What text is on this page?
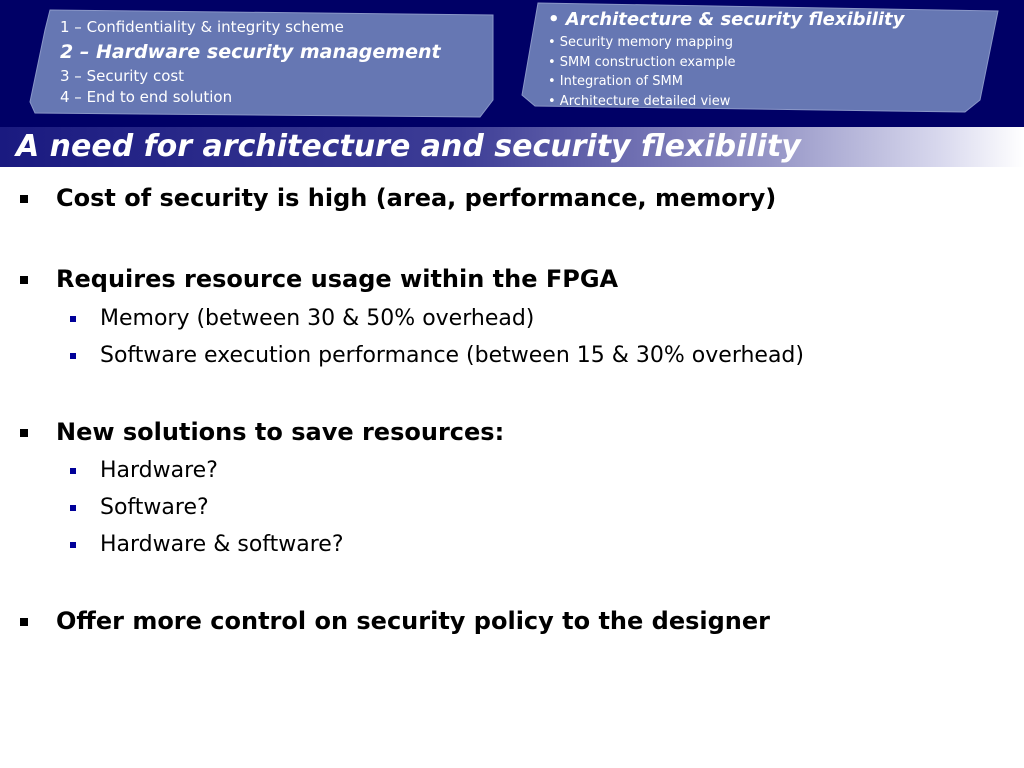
1 – Confidentiality & integrity scheme
2 – Hardware security management
3 – Security cost
4 – End to end solution
• Architecture & security flexibility
• Security memory mapping
• SMM construction example
• Integration of SMM
• Architecture detailed view
A need for architecture and security flexibility
Cost of security is high (area, performance, memory)
Requires resource usage within the FPGA
Memory (between 30 & 50% overhead)
Software execution performance (between 15 & 30% overhead)
New solutions to save resources:
Hardware?
Software?
Hardware & software?
Offer more control on security policy to the designer
